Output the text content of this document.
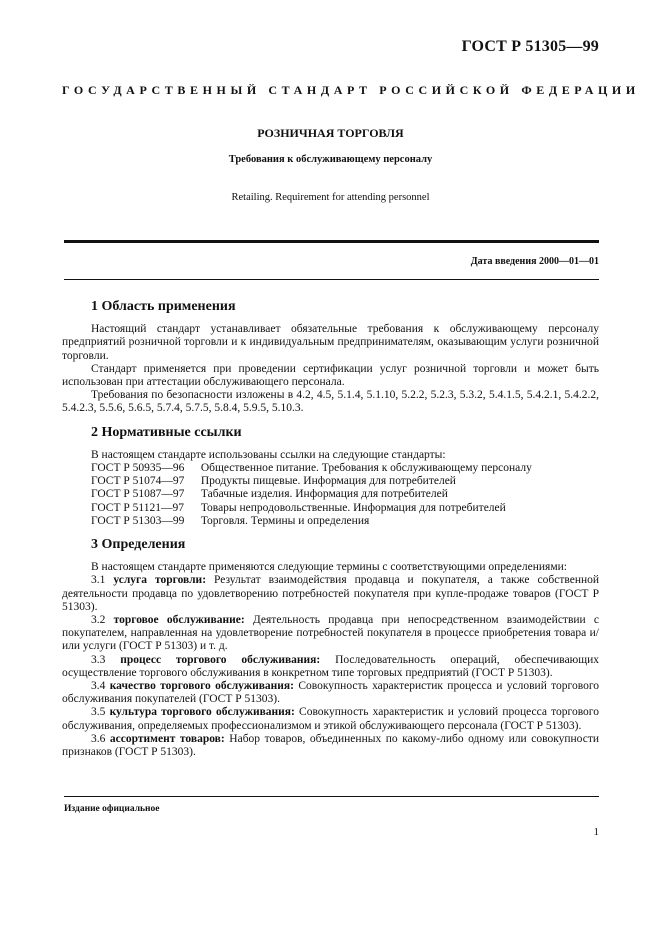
ГОСТ Р 51305—99
ГОСУДАРСТВЕННЫЙ СТАНДАРТ РОССИЙСКОЙ ФЕДЕРАЦИИ
РОЗНИЧНАЯ ТОРГОВЛЯ
Требования к обслуживающему персоналу
Retailing. Requirement for attending personnel
Дата введения 2000—01—01
1 Область применения

Настоящий стандарт устанавливает обязательные требования к обслуживающему персоналу предприятий розничной торговли и к индивидуальным предпринимателям, оказывающим услуги розничной торговли.

Стандарт применяется при проведении сертификации услуг розничной торговли и может быть использован при аттестации обслуживающего персонала.

Требования по безопасности изложены в 4.2, 4.5, 5.1.4, 5.1.10, 5.2.2, 5.2.3, 5.3.2, 5.4.1.5, 5.4.2.1, 5.4.2.2, 5.4.2.3, 5.5.6, 5.6.5, 5.7.4, 5.7.5, 5.8.4, 5.9.5, 5.10.3.

2 Нормативные ссылки

В настоящем стандарте использованы ссылки на следующие стандарты:

ГОСТ Р 50935—96 Общественное питание. Требования к обслуживающему персоналу
ГОСТ Р 51074—97 Продукты пищевые. Информация для потребителей
ГОСТ Р 51087—97 Табачные изделия. Информация для потребителей
ГОСТ Р 51121—97 Товары непродовольственные. Информация для потребителей
ГОСТ Р 51303—99 Торговля. Термины и определения
3 Определения

В настоящем стандарте применяются следующие термины с соответствующими определениями:

3.1 услуга торговли: Результат взаимодействия продавца и покупателя, а также собственной деятельности продавца по удовлетворению потребностей покупателя при купле-продаже товаров (ГОСТ Р 51303).

3.2 торговое обслуживание: Деятельность продавца при непосредственном взаимодействии с покупателем, направленная на удовлетворение потребностей покупателя в процессе приобретения товара и/или услуги (ГОСТ Р 51303) и т. д.

3.3 процесс торгового обслуживания: Последовательность операций, обеспечивающих осуществление торгового обслуживания в конкретном типе торговых предприятий (ГОСТ Р 51303).

3.4 качество торгового обслуживания: Совокупность характеристик процесса и условий торгового обслуживания покупателей (ГОСТ Р 51303).

3.5 культура торгового обслуживания: Совокупность характеристик и условий процесса торгового обслуживания, определяемых профессионализмом и этикой обслуживающего персонала (ГОСТ Р 51303).

3.6 ассортимент товаров: Набор товаров, объединенных по какому-либо одному или совокупности признаков (ГОСТ Р 51303).

Издание официальное
1
